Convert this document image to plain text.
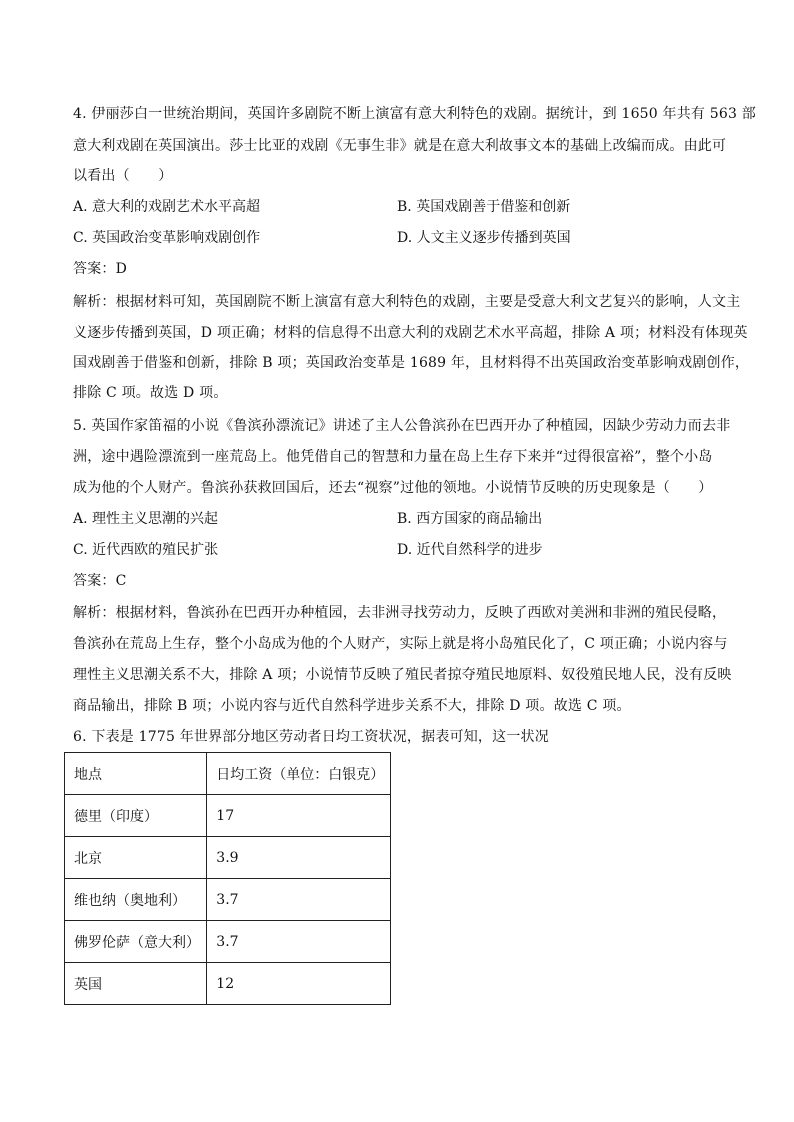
4. 伊丽莎白一世统治期间，英国许多剧院不断上演富有意大利特色的戏剧。据统计，到 1650 年共有 563 部
意大利戏剧在英国演出。莎士比亚的戏剧《无事生非》就是在意大利故事文本的基础上改编而成。由此可
以看出（　　）
A. 意大利的戏剧艺术水平高超	B. 英国戏剧善于借鉴和创新
C. 英国政治变革影响戏剧创作	D. 人文主义逐步传播到英国
答案：D
解析：根据材料可知，英国剧院不断上演富有意大利特色的戏剧，主要是受意大利文艺复兴的影响，人文主
义逐步传播到英国，D 项正确；材料的信息得不出意大利的戏剧艺术水平高超，排除 A 项；材料没有体现英
国戏剧善于借鉴和创新，排除 B 项；英国政治变革是 1689 年，且材料得不出英国政治变革影响戏剧创作，
排除 C 项。故选 D 项。
5. 英国作家笛福的小说《鲁滨孙漂流记》讲述了主人公鲁滨孙在巴西开办了种植园，因缺少劳动力而去非
洲，途中遇险漂流到一座荒岛上。他凭借自己的智慧和力量在岛上生存下来并“过得很富裕”，整个小岛
成为他的个人财产。鲁滨孙获救回国后，还去“视察”过他的领地。小说情节反映的历史现象是（　　）
A. 理性主义思潮的兴起	B. 西方国家的商品输出
C. 近代西欧的殖民扩张	D. 近代自然科学的进步
答案：C
解析：根据材料，鲁滨孙在巴西开办种植园，去非洲寻找劳动力，反映了西欧对美洲和非洲的殖民侵略，
鲁滨孙在荒岛上生存，整个小岛成为他的个人财产，实际上就是将小岛殖民化了，C 项正确；小说内容与
理性主义思潮关系不大，排除 A 项；小说情节反映了殖民者掠夺殖民地原料、奴役殖民地人民，没有反映
商品输出，排除 B 项；小说内容与近代自然科学进步关系不大，排除 D 项。故选 C 项。
6. 下表是 1775 年世界部分地区劳动者日均工资状况，据表可知，这一状况
地点	日均工资（单位：白银克）
德里（印度）	17
北京	3.9
维也纳（奥地利）	3.7
佛罗伦萨（意大利）	3.7
英国	12
